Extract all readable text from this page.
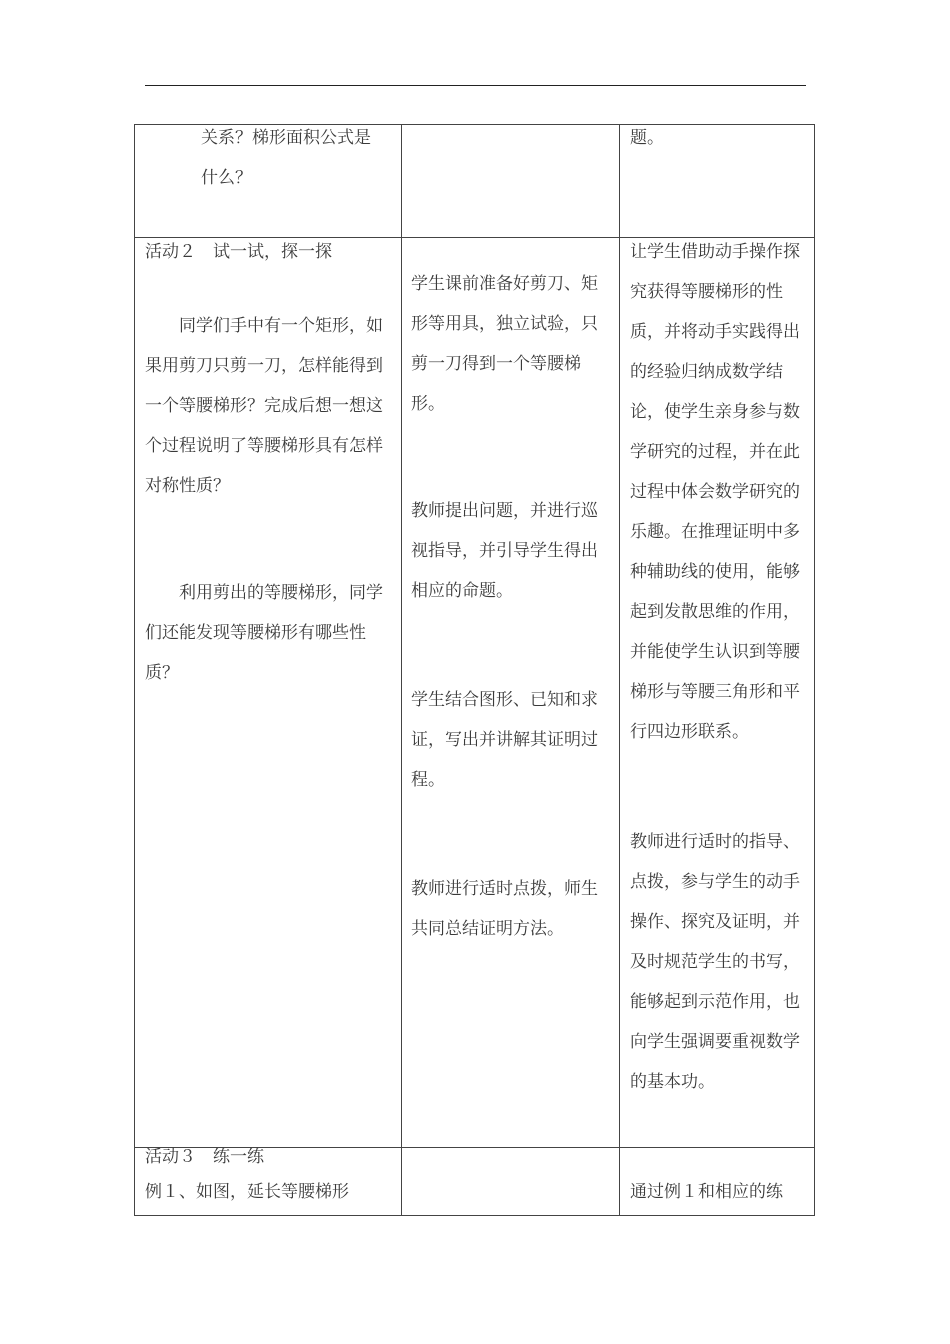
关系？梯形面积公式是
什么？
题。
活动２　试一试，探一探
同学们手中有一个矩形，如果用剪刀只剪一刀，怎样能得到一个等腰梯形？完成后想一想这个过程说明了等腰梯形具有怎样对称性质？
利用剪出的等腰梯形，同学们还能发现等腰梯形有哪些性质？
学生课前准备好剪刀、矩形等用具，独立试验，只剪一刀得到一个等腰梯形。
教师提出问题，并进行巡视指导，并引导学生得出相应的命题。
学生结合图形、已知和求证，写出并讲解其证明过程。
教师进行适时点拨，师生共同总结证明方法。
让学生借助动手操作探究获得等腰梯形的性质，并将动手实践得出的经验归纳成数学结论，使学生亲身参与数学研究的过程，并在此过程中体会数学研究的乐趣。在推理证明中多种辅助线的使用，能够起到发散思维的作用，并能使学生认识到等腰梯形与等腰三角形和平行四边形联系。
教师进行适时的指导、点拨，参与学生的动手操作、探究及证明，并及时规范学生的书写，能够起到示范作用，也向学生强调要重视数学的基本功。
活动３　练一练
例１、如图，延长等腰梯形	通过例１和相应的练
